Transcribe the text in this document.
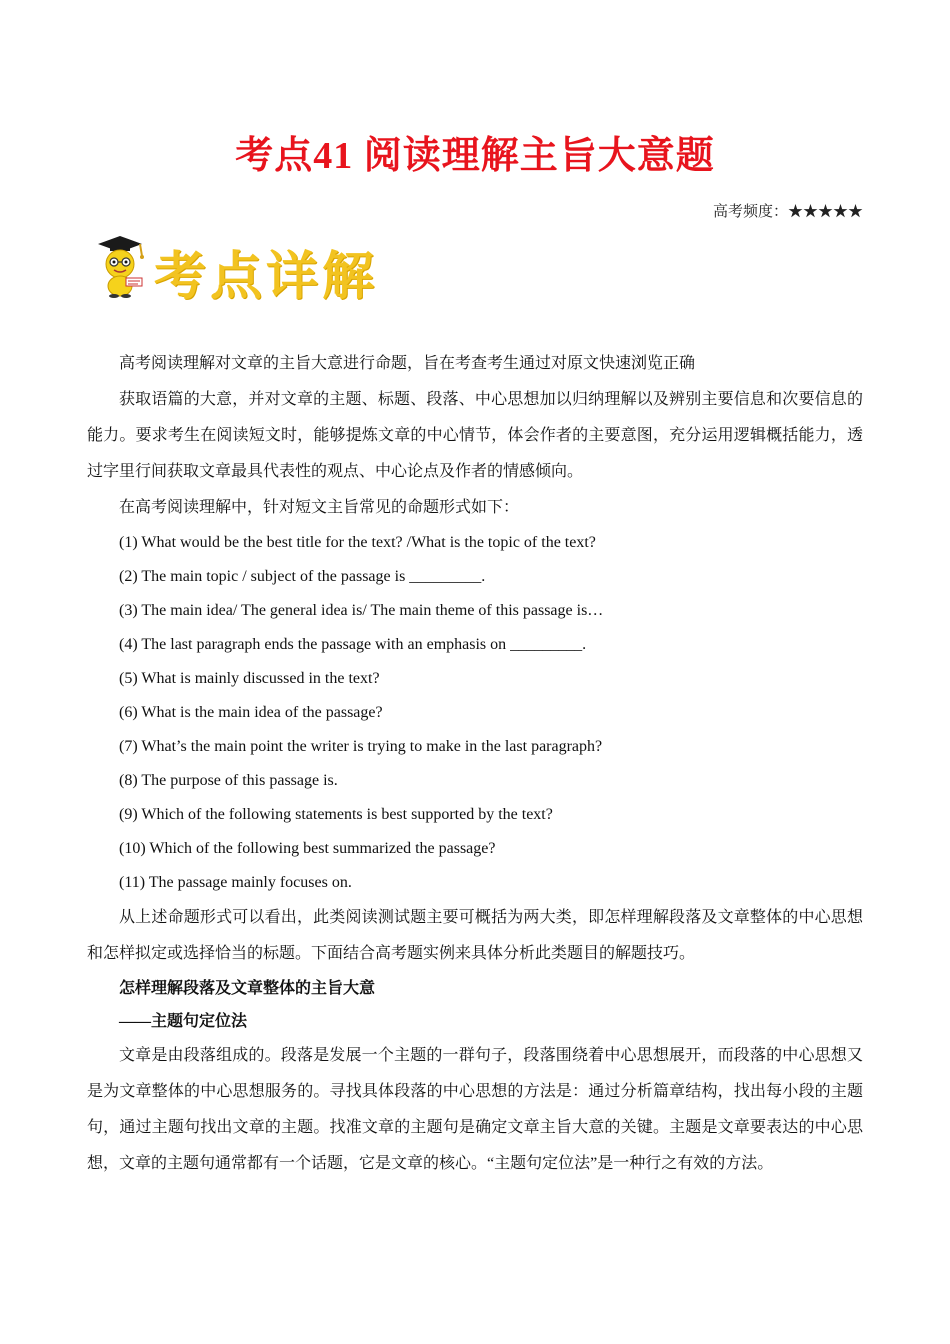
考点41 阅读理解主旨大意题
高考频度：★★★★★
考点详解

高考阅读理解对文章的主旨大意进行命题，旨在考查考生通过对原文快速浏览正确

获取语篇的大意，并对文章的主题、标题、段落、中心思想加以归纳理解以及辨别主要信息和次要信息的能力。要求考生在阅读短文时，能够提炼文章的中心情节，体会作者的主要意图，充分运用逻辑概括能力，透过字里行间获取文章最具代表性的观点、中心论点及作者的情感倾向。

在高考阅读理解中，针对短文主旨常见的命题形式如下：

(1) What would be the best title for the text? /What is the topic of the text?

(2) The main topic / subject of the passage is _________.

(3) The main idea/ The general idea is/ The main theme of this passage is…

(4) The last paragraph ends the passage with an emphasis on _________.

(5) What is mainly discussed in the text?

(6) What is the main idea of the passage?

(7) What’s the main point the writer is trying to make in the last paragraph?

(8) The purpose of this passage is.

(9) Which of the following statements is best supported by the text?

(10) Which of the following best summarized the passage?

(11) The passage mainly focuses on.

从上述命题形式可以看出，此类阅读测试题主要可概括为两大类，即怎样理解段落及文章整体的中心思想和怎样拟定或选择恰当的标题。下面结合高考题实例来具体分析此类题目的解题技巧。

怎样理解段落及文章整体的主旨大意

——主题句定位法

文章是由段落组成的。段落是发展一个主题的一群句子，段落围绕着中心思想展开，而段落的中心思想又是为文章整体的中心思想服务的。寻找具体段落的中心思想的方法是：通过分析篇章结构，找出每小段的主题句，通过主题句找出文章的主题。找准文章的主题句是确定文章主旨大意的关键。主题是文章要表达的中心思想，文章的主题句通常都有一个话题，它是文章的核心。“主题句定位法”是一种行之有效的方法。
